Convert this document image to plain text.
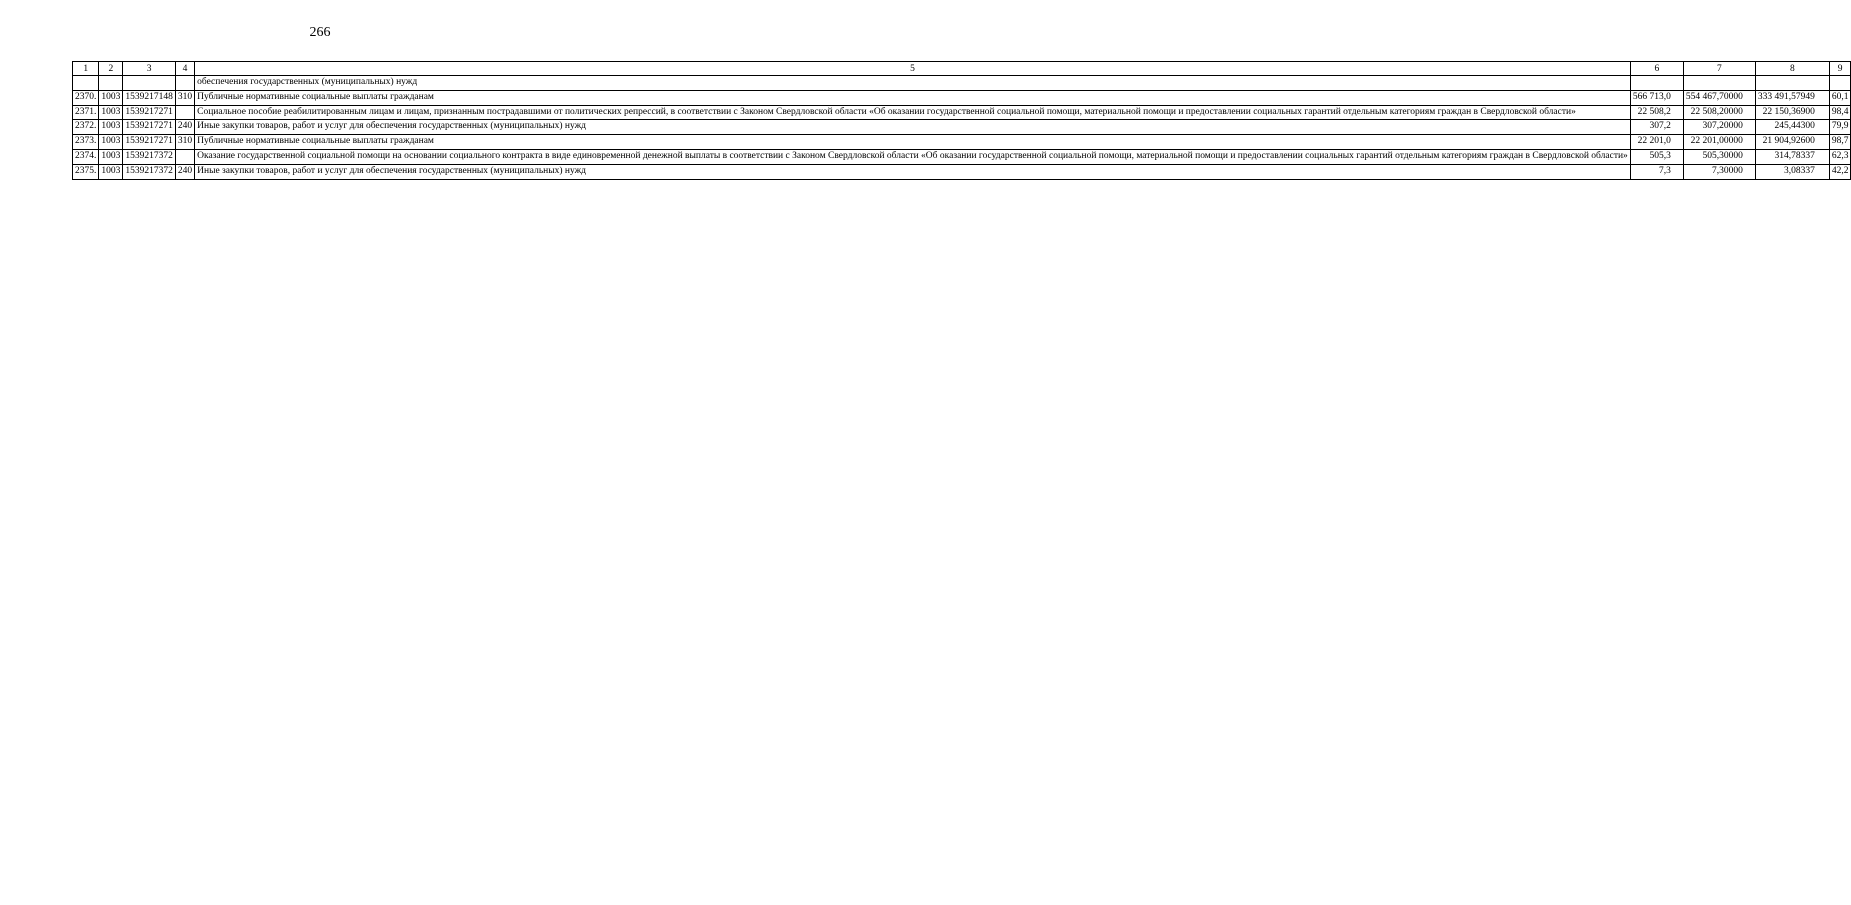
266
1	2	3	4	5	6	7	8	9
				обеспечения государственных (муниципальных) нужд				
2370.	1003	1539217148	310	Публичные нормативные социальные выплаты гражданам	566 713,0	554 467,70000	333 491,57949	60,1
2371.	1003	1539217271		Социальное пособие реабилитированным лицам и лицам, признанным пострадавшими от политических репрессий, в соответствии с Законом Свердловской области «Об оказании государственной социальной помощи, материальной помощи и предоставлении социальных гарантий отдельным категориям граждан в Свердловской области»	22 508,2	22 508,20000	22 150,36900	98,4
2372.	1003	1539217271	240	Иные закупки товаров, работ и услуг для обеспечения государственных (муниципальных) нужд	307,2	307,20000	245,44300	79,9
2373.	1003	1539217271	310	Публичные нормативные социальные выплаты гражданам	22 201,0	22 201,00000	21 904,92600	98,7
2374.	1003	1539217372		Оказание государственной социальной помощи на основании социального контракта в виде единовременной денежной выплаты в соответствии с Законом Свердловской области «Об оказании государственной социальной помощи, материальной помощи и предоставлении социальных гарантий отдельным категориям граждан в Свердловской области»	505,3	505,30000	314,78337	62,3
2375.	1003	1539217372	240	Иные закупки товаров, работ и услуг для обеспечения государственных (муниципальных) нужд	7,3	7,30000	3,08337	42,2
